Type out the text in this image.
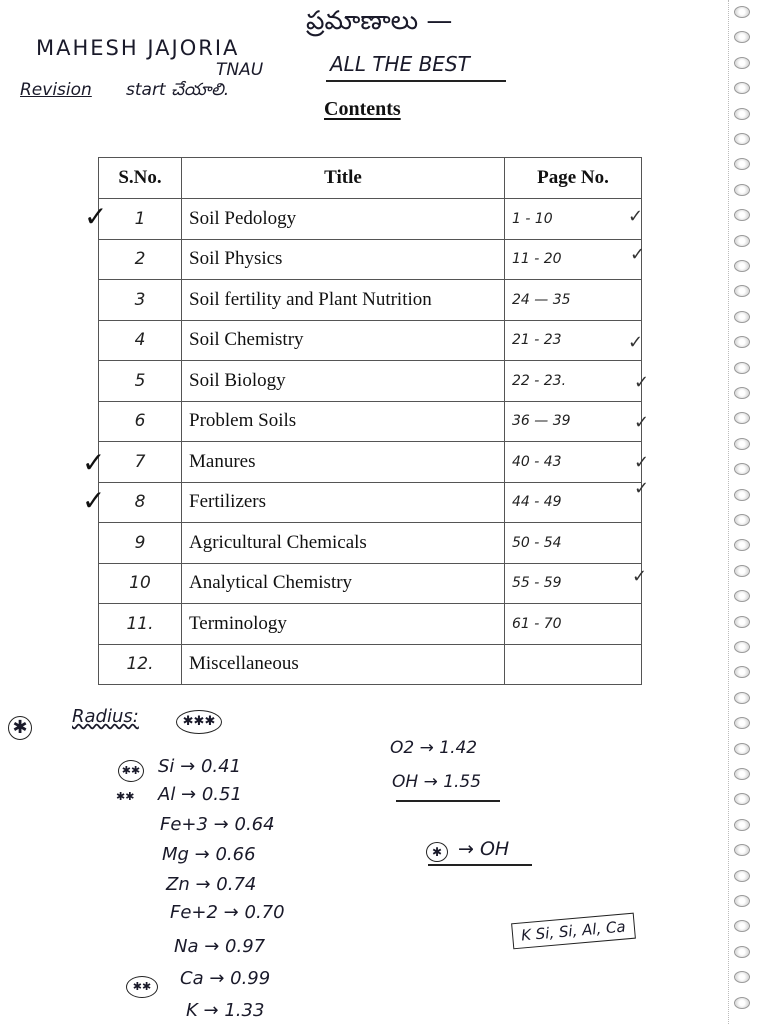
MAHESH JAJORIA
TNAU
Revision start చేయాలి.
ప్రమాణాలు —
ALL THE BEST
Contents
S.No.	Title	Page No.
1	Soil Pedology	1 - 10
2	Soil Physics	11 - 20
3	Soil fertility and Plant Nutrition	24 — 35
4	Soil Chemistry	21 - 23
5	Soil Biology	22 - 23.
6	Problem Soils	36 — 39
7	Manures	40 - 43
8	Fertilizers	44 - 49
9	Agricultural Chemicals	50 - 54
10	Analytical Chemistry	55 - 59
11.	Terminology	61 - 70
12.	Miscellaneous	
✓
✓
✓
✓
✓
✓
✓
✓
✓
✓
✓
✱
Radius:	✱✱✱
Si → 0.41
Al → 0.51
Fe+3 → 0.64
Mg → 0.66
Zn → 0.74
Fe+2 → 0.70
Na → 0.97
Ca → 0.99
K → 1.33
✱✱
✱✱
✱✱
O2 → 1.42
OH → 1.55
✱ → OH
K Si, Si, Al, Ca
